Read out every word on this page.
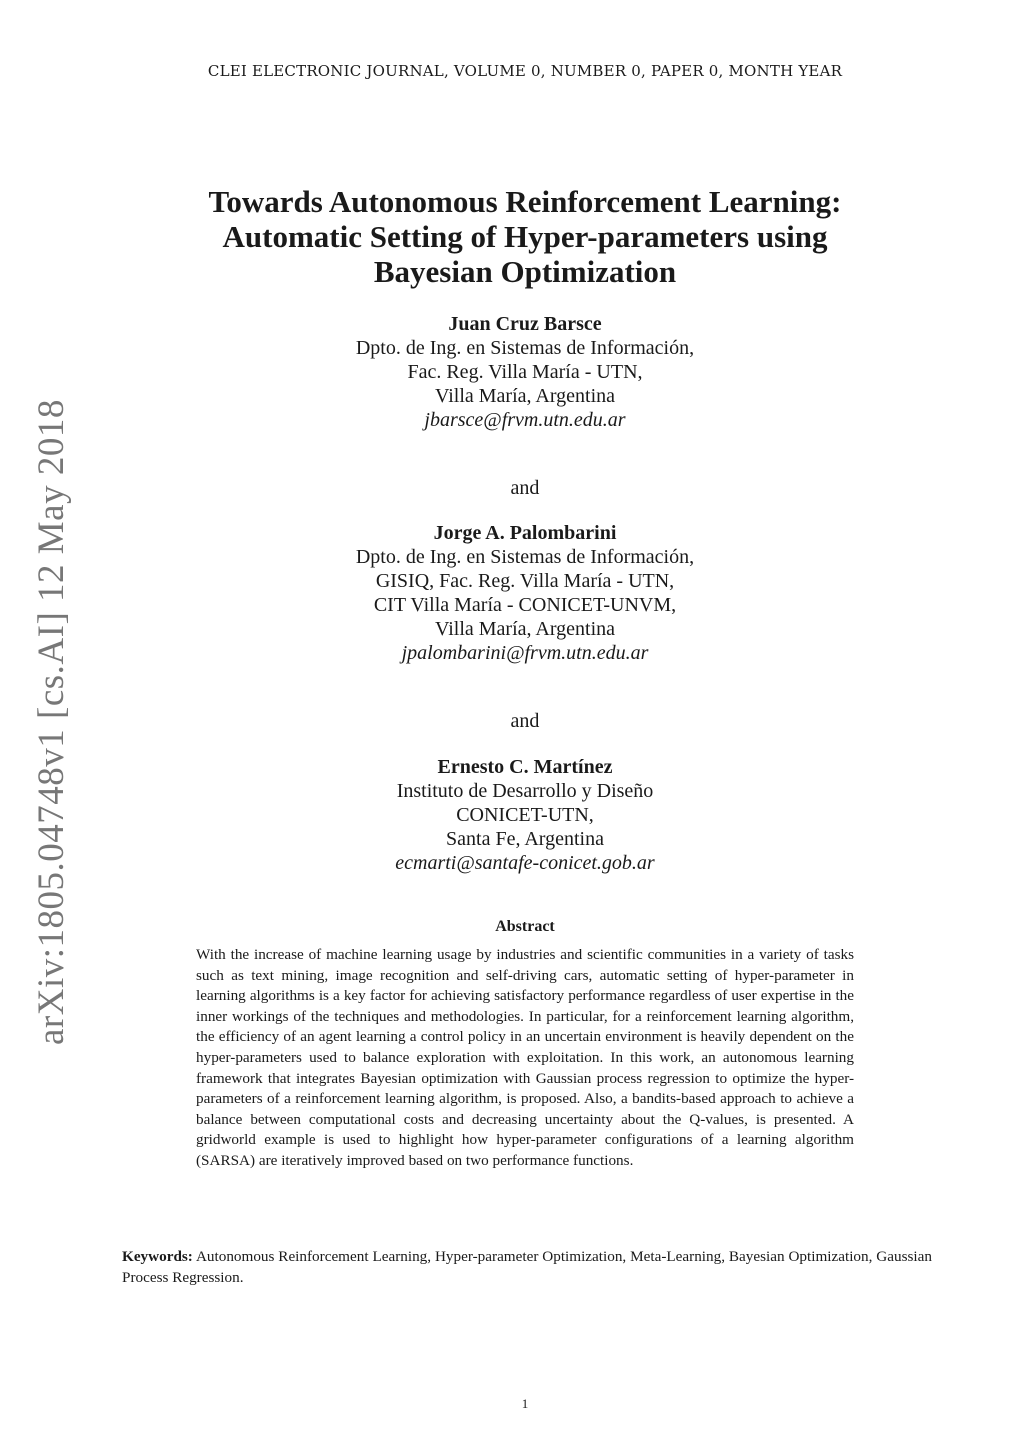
CLEI ELECTRONIC JOURNAL, VOLUME 0, NUMBER 0, PAPER 0, MONTH YEAR
arXiv:1805.04748v1 [cs.AI] 12 May 2018
Towards Autonomous Reinforcement Learning:
Automatic Setting of Hyper-parameters using
Bayesian Optimization
Juan Cruz Barsce
Dpto. de Ing. en Sistemas de Información,
Fac. Reg. Villa María - UTN,
Villa María, Argentina
jbarsce@frvm.utn.edu.ar
and
Jorge A. Palombarini
Dpto. de Ing. en Sistemas de Información,
GISIQ, Fac. Reg. Villa María - UTN,
CIT Villa María - CONICET-UNVM,
Villa María, Argentina
jpalombarini@frvm.utn.edu.ar
and
Ernesto C. Martínez
Instituto de Desarrollo y Diseño
CONICET-UTN,
Santa Fe, Argentina
ecmarti@santafe-conicet.gob.ar
Abstract

With the increase of machine learning usage by industries and scientific communities in a variety of tasks such as text mining, image recognition and self-driving cars, automatic setting of hyper-parameter in learning algorithms is a key factor for achieving satisfactory performance regardless of user expertise in the inner workings of the techniques and methodologies. In particular, for a reinforcement learning algorithm, the efficiency of an agent learning a control policy in an uncertain environment is heavily dependent on the hyper-parameters used to balance exploration with exploitation. In this work, an autonomous learning framework that integrates Bayesian optimization with Gaussian process regression to optimize the hyper-parameters of a reinforcement learning algorithm, is proposed. Also, a bandits-based approach to achieve a balance between computational costs and decreasing uncertainty about the Q-values, is presented. A gridworld example is used to highlight how hyper-parameter configurations of a learning algorithm (SARSA) are iteratively improved based on two performance functions.

Keywords: Autonomous Reinforcement Learning, Hyper-parameter Optimization, Meta-Learning, Bayesian Optimization, Gaussian Process Regression.

1
